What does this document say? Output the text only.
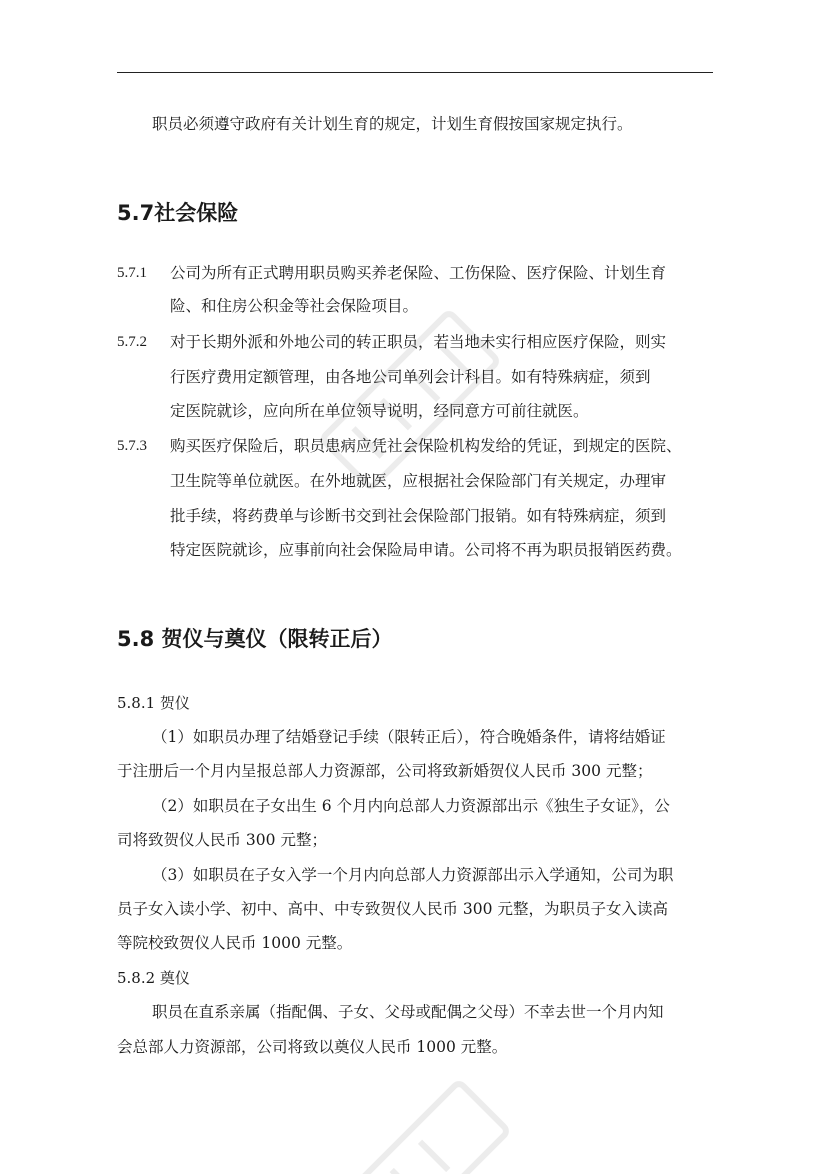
职员必须遵守政府有关计划生育的规定，计划生育假按国家规定执行。
5.7社会保险
5.7.1 公司为所有正式聘用职员购买养老保险、工伤保险、医疗保险、计划生育
险、和住房公积金等社会保险项目。
5.7.2 对于长期外派和外地公司的转正职员，若当地未实行相应医疗保险，则实
行医疗费用定额管理，由各地公司单列会计科目。如有特殊病症，须到
定医院就诊，应向所在单位领导说明，经同意方可前往就医。
5.7.3 购买医疗保险后，职员患病应凭社会保险机构发给的凭证，到规定的医院、
卫生院等单位就医。在外地就医，应根据社会保险部门有关规定，办理审
批手续，将药费单与诊断书交到社会保险部门报销。如有特殊病症，须到
特定医院就诊，应事前向社会保险局申请。公司将不再为职员报销医药费。
5.8 贺仪与奠仪（限转正后）
5.8.1 贺仪
（1）如职员办理了结婚登记手续（限转正后），符合晚婚条件，请将结婚证
于注册后一个月内呈报总部人力资源部，公司将致新婚贺仪人民币 300 元整；
（2）如职员在子女出生 6 个月内向总部人力资源部出示《独生子女证》，公
司将致贺仪人民币 300 元整；
（3）如职员在子女入学一个月内向总部人力资源部出示入学通知，公司为职
员子女入读小学、初中、高中、中专致贺仪人民币 300 元整，为职员子女入读高
等院校致贺仪人民币 1000 元整。
5.8.2 奠仪
职员在直系亲属（指配偶、子女、父母或配偶之父母）不幸去世一个月内知
会总部人力资源部，公司将致以奠仪人民币 1000 元整。
